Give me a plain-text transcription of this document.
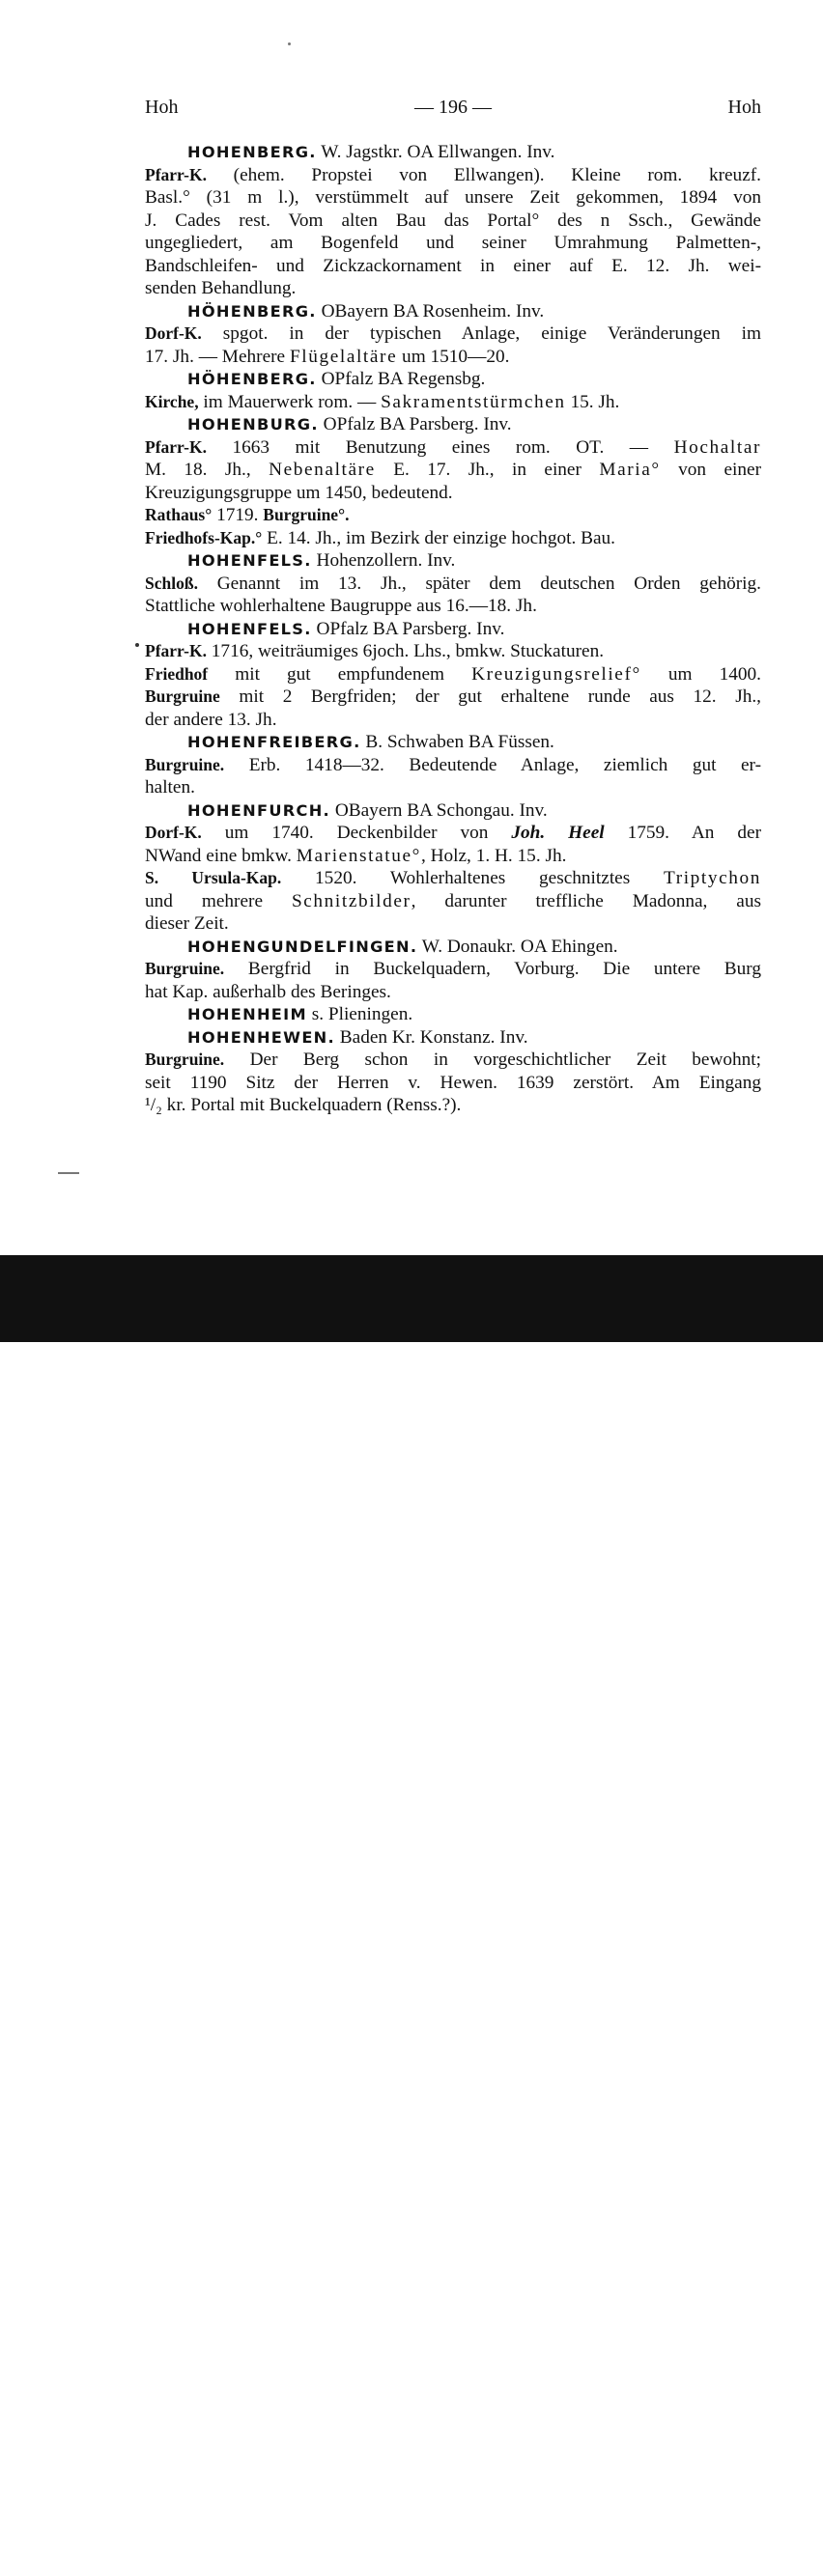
Hoh	— 196 —	Hoh
HOHENBERG. W. Jagstkr. OA Ellwangen. Inv.
Pfarr-K. (ehem. Propstei von Ellwangen). Kleine rom. kreuzf.
Basl.° (31 m l.), verstümmelt auf unsere Zeit gekommen, 1894 von
J. Cades rest. Vom alten Bau das Portal° des n Ssch., Gewände
ungegliedert, am Bogenfeld und seiner Umrahmung Palmetten-,
Bandschleifen- und Zickzackornament in einer auf E. 12. Jh. wei-
senden Behandlung.
HÖHENBERG. OBayern BA Rosenheim. Inv.
Dorf-K. spgot. in der typischen Anlage, einige Veränderungen im
17. Jh. — Mehrere Flügelaltäre um 1510—20.
HÖHENBERG. OPfalz BA Regensbg.
Kirche, im Mauerwerk rom. — Sakramentstürmchen 15. Jh.
HOHENBURG. OPfalz BA Parsberg. Inv.
Pfarr-K. 1663 mit Benutzung eines rom. OT. — Hochaltar
M. 18. Jh., Nebenaltäre E. 17. Jh., in einer Maria° von einer
Kreuzigungsgruppe um 1450, bedeutend.
Rathaus° 1719. Burgruine°.
Friedhofs-Kap.° E. 14. Jh., im Bezirk der einzige hochgot. Bau.
HOHENFELS. Hohenzollern. Inv.
Schloß. Genannt im 13. Jh., später dem deutschen Orden gehörig.
Stattliche wohlerhaltene Baugruppe aus 16.—18. Jh.
HOHENFELS. OPfalz BA Parsberg. Inv.
Pfarr-K. 1716, weiträumiges 6joch. Lhs., bmkw. Stuckaturen.
Friedhof mit gut empfundenem Kreuzigungsrelief° um 1400.
Burgruine mit 2 Bergfriden; der gut erhaltene runde aus 12. Jh.,
der andere 13. Jh.
HOHENFREIBERG. B. Schwaben BA Füssen.
Burgruine. Erb. 1418—32. Bedeutende Anlage, ziemlich gut er-
halten.
HOHENFURCH. OBayern BA Schongau. Inv.
Dorf-K. um 1740. Deckenbilder von Joh. Heel 1759. An der
NWand eine bmkw. Marienstatue°, Holz, 1. H. 15. Jh.
S. Ursula-Kap. 1520. Wohlerhaltenes geschnitztes Triptychon
und mehrere Schnitzbilder, darunter treffliche Madonna, aus
dieser Zeit.
HOHENGUNDELFINGEN. W. Donaukr. OA Ehingen.
Burgruine. Bergfrid in Buckelquadern, Vorburg. Die untere Burg
hat Kap. außerhalb des Beringes.
HOHENHEIM s. Plieningen.
HOHENHEWEN. Baden Kr. Konstanz. Inv.
Burgruine. Der Berg schon in vorgeschichtlicher Zeit bewohnt;
seit 1190 Sitz der Herren v. Hewen. 1639 zerstört. Am Eingang
¹/₂ kr. Portal mit Buckelquadern (Renss.?).
alamy	Image ID: P8WTA7
